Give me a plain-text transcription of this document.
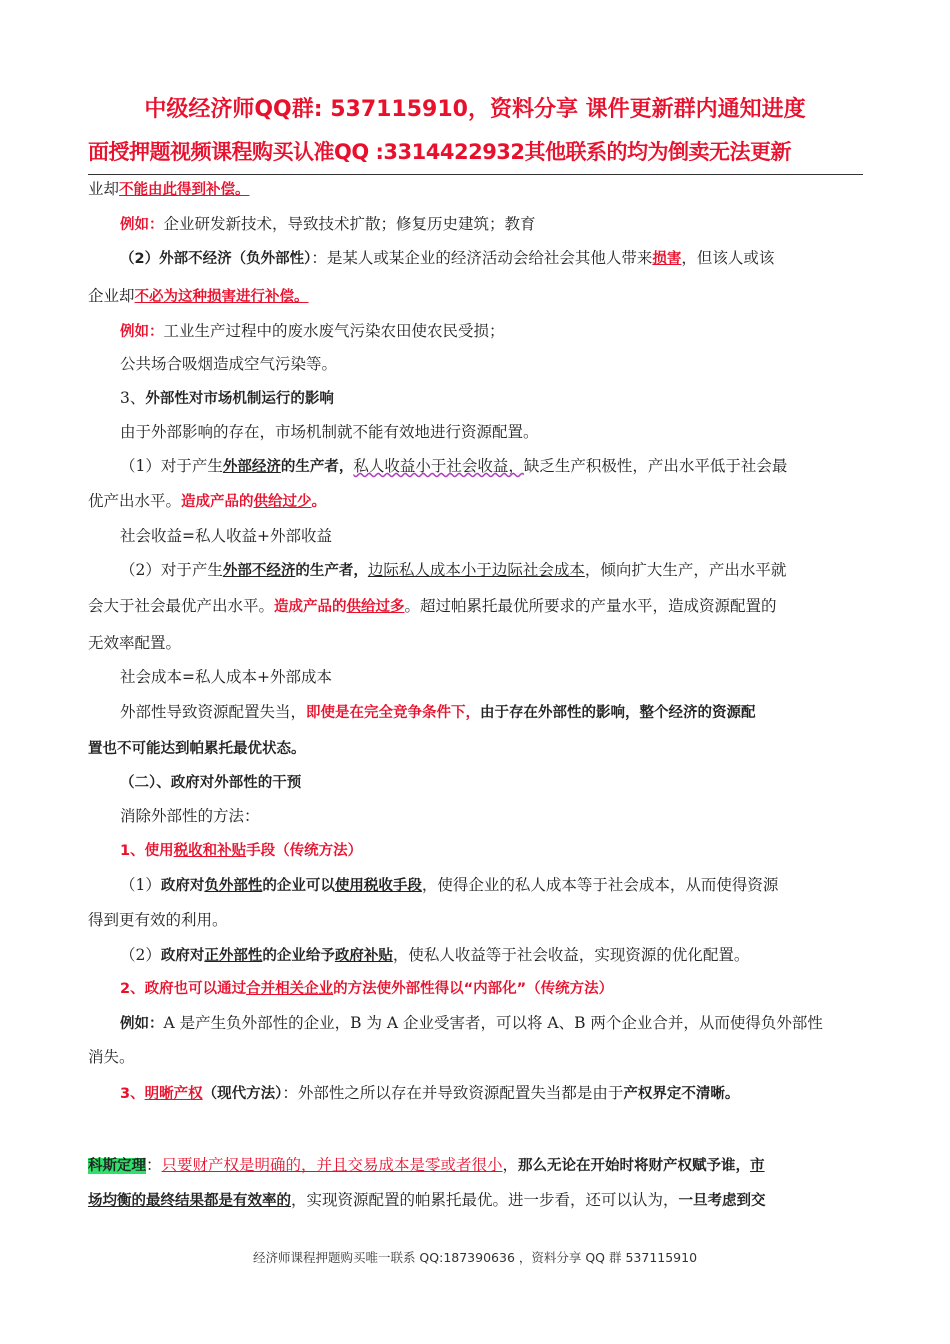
中级经济师QQ群: 537115910，资料分享 课件更新群内通知进度
面授押题视频课程购买认准QQ :3314422932其他联系的均为倒卖无法更新
业却不能由此得到补偿。
例如：企业研发新技术，导致技术扩散；修复历史建筑；教育
（2）外部不经济（负外部性）：是某人或某企业的经济活动会给社会其他人带来损害，但该人或该
企业却不必为这种损害进行补偿。
例如：工业生产过程中的废水废气污染农田使农民受损；
公共场合吸烟造成空气污染等。
3、外部性对市场机制运行的影响
由于外部影响的存在，市场机制就不能有效地进行资源配置。
（1）对于产生外部经济的生产者，私人收益小于社会收益，缺乏生产积极性，产出水平低于社会最
优产出水平。造成产品的供给过少。
社会收益=私人收益+外部收益
（2）对于产生外部不经济的生产者，边际私人成本小于边际社会成本，倾向扩大生产，产出水平就
会大于社会最优产出水平。造成产品的供给过多。超过帕累托最优所要求的产量水平，造成资源配置的
无效率配置。
社会成本=私人成本+外部成本
外部性导致资源配置失当，即使是在完全竞争条件下，由于存在外部性的影响，整个经济的资源配
置也不可能达到帕累托最优状态。
（二）、政府对外部性的干预
消除外部性的方法：
1、使用税收和补贴手段（传统方法）
（1）政府对负外部性的企业可以使用税收手段，使得企业的私人成本等于社会成本，从而使得资源
得到更有效的利用。
（2）政府对正外部性的企业给予政府补贴，使私人收益等于社会收益，实现资源的优化配置。
2、政府也可以通过合并相关企业的方法使外部性得以“内部化”（传统方法）
例如：A 是产生负外部性的企业，B 为 A 企业受害者，可以将 A、B 两个企业合并，从而使得负外部性
消失。
3、明晰产权（现代方法）：外部性之所以存在并导致资源配置失当都是由于产权界定不清晰。
科斯定理：只要财产权是明确的，并且交易成本是零或者很小，那么无论在开始时将财产权赋予谁，市
场均衡的最终结果都是有效率的，实现资源配置的帕累托最优。进一步看，还可以认为，一旦考虑到交
经济师课程押题购买唯一联系 QQ:187390636 ，资料分享 QQ 群 537115910
